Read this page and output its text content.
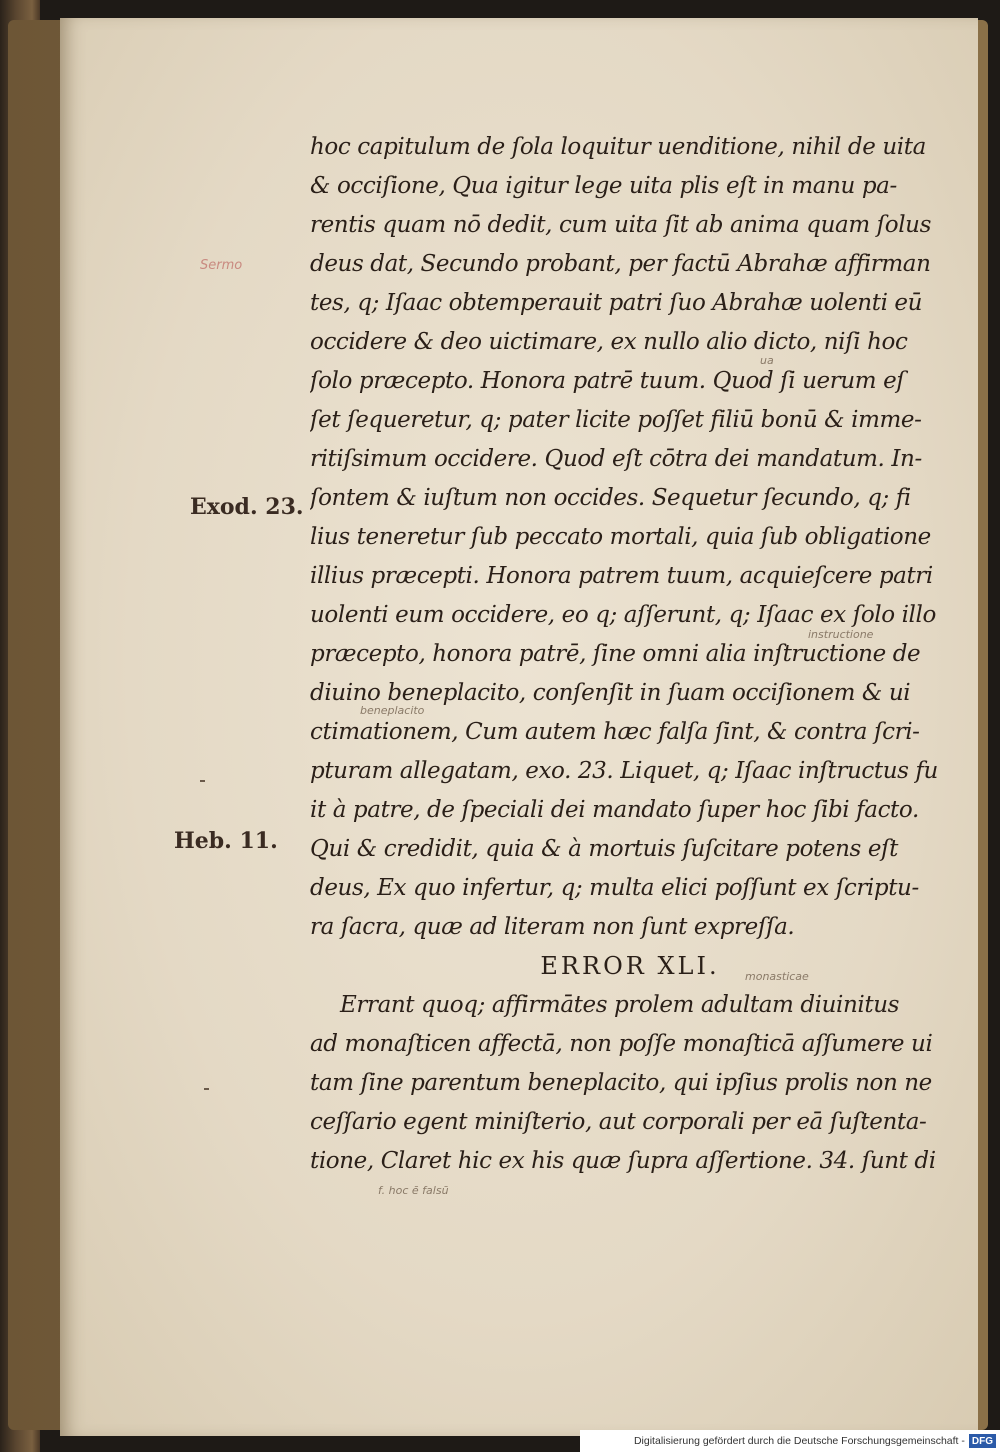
Sermo
ua
instructione
beneplacito
monasticae
f. hoc ē falsū
Exod. 23.
Heb. 11.
hoc capitulum de ſola loquitur uenditione, nihil de uita
& occiſione, Qua igitur lege uita plis eſt in manu pa-
rentis quam nō dedit, cum uita ſit ab anima quam ſolus
deus dat, Secundo probant, per factū Abrahæ affirman
tes, q; Iſaac obtemperauit patri ſuo Abrahæ uolenti eū
occidere & deo uictimare, ex nullo alio dicto, niſi hoc
ſolo præcepto. Honora patrē tuum. Quod ſi uerum eſ
ſet ſequeretur, q; pater licite poſſet filiū bonū & imme-
ritiſsimum occidere. Quod eſt cōtra dei mandatum. In-
ſontem & iuſtum non occides. Sequetur ſecundo, q; fi
lius teneretur ſub peccato mortali, quia ſub obligatione
illius præcepti. Honora patrem tuum, acquieſcere patri
uolenti eum occidere, eo q; aſſerunt, q; Iſaac ex ſolo illo
præcepto, honora patrē, ſine omni alia inſtructione de
diuino beneplacito, conſenſit in ſuam occiſionem & ui
ctimationem, Cum autem hæc falſa ſint, & contra ſcri-
pturam allegatam, exo. 23. Liquet, q; Iſaac inſtructus fu
it à patre, de ſpeciali dei mandato ſuper hoc ſibi facto.
Qui & credidit, quia & à mortuis ſuſcitare potens eſt
deus, Ex quo infertur, q; multa elici poſſunt ex ſcriptu-
ra ſacra, quæ ad literam non ſunt expreſſa.
ERROR XLI.
Errant quoq; affirmātes prolem adultam diuinitus
ad monaſticen affectā, non poſſe monaſticā aſſumere ui
tam ſine parentum beneplacito, qui ipſius prolis non ne
ceſſario egent miniſterio, aut corporali per eā ſuſtenta-
tione, Claret hic ex his quæ ſupra aſſertione. 34. ſunt di
Digitalisierung gefördert durch die Deutsche Forschungsgemeinschaft - DFG
